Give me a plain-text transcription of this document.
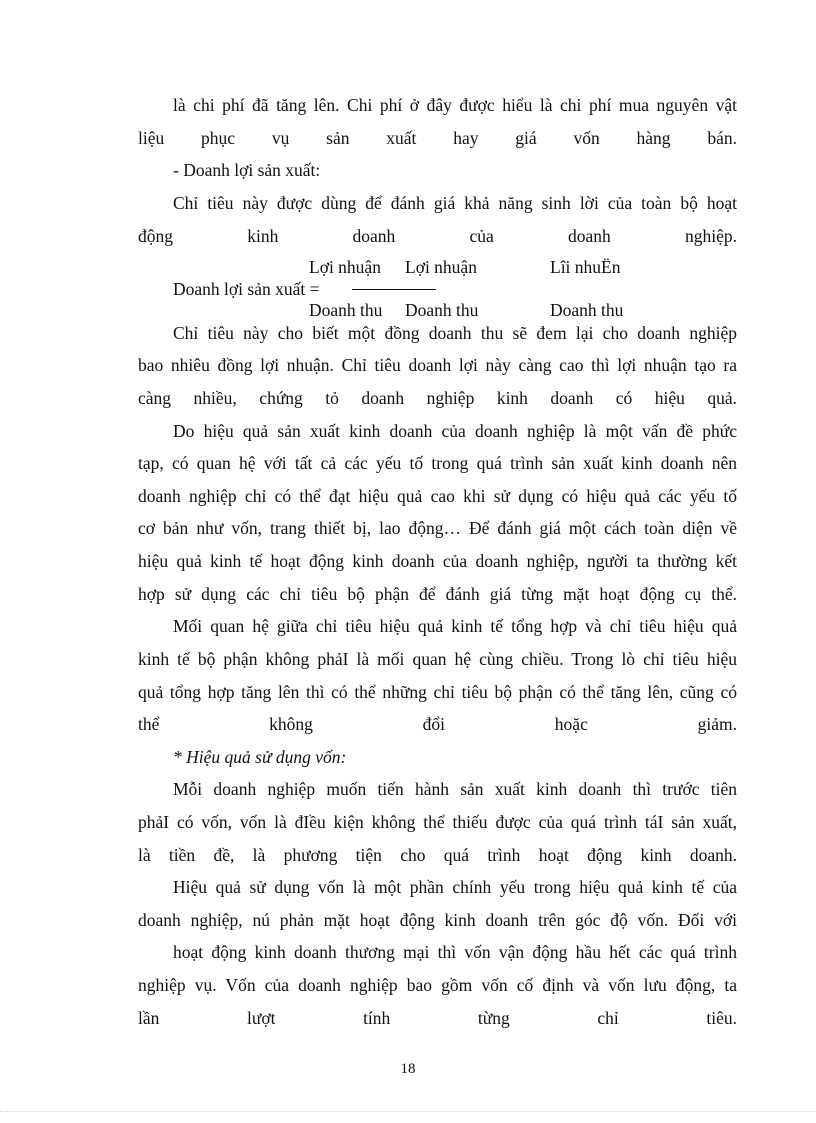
là chi phí đã tăng lên. Chi phí ở đây được hiểu là chi phí mua nguyên vật
liệu phục vụ sản xuất hay giá vốn hàng bán.
- Doanh lợi sản xuất:
Chỉ tiêu này được dùng để đánh giá khả năng sinh lời của toàn bộ hoạt
động kinh doanh của doanh nghiệp.
Lợi nhuận Lợi nhuận	Lîi nhuËn
Doanh lợi sản xuất =
Doanh thu Doanh thu	Doanh thu
Chỉ tiêu này cho biết một đồng doanh thu sẽ đem lại cho doanh nghiệp
bao nhiêu đồng lợi nhuận. Chỉ tiêu doanh lợi này càng cao thì lợi nhuận tạo ra
càng nhiều, chứng tỏ doanh nghiệp kinh doanh có hiệu quả.
Do hiệu quả sản xuất kinh doanh của doanh nghiệp là một vấn đề phức
tạp, có quan hệ với tất cả các yếu tố trong quá trình sản xuất kinh doanh nên
doanh nghiệp chỉ có thể đạt hiệu quả cao khi sử dụng có hiệu quả các yếu tố
cơ bản như vốn, trang thiết bị, lao động… Để đánh giá một cách toàn diện về
hiệu quả kinh tế hoạt động kinh doanh của doanh nghiệp, người ta thường kết
hợp sử dụng các chỉ tiêu bộ phận để đánh giá từng mặt hoạt động cụ thể.
Mối quan hệ giữa chỉ tiêu hiệu quả kinh tế tổng hợp và chỉ tiêu hiệu quả
kinh tế bộ phận không phảI là mối quan hệ cùng chiều. Trong lò chỉ tiêu hiệu
quả tổng hợp tăng lên thì có thể những chỉ tiêu bộ phận có thể tăng lên, cũng có
thể không đổi hoặc giảm.
* Hiệu quả sử dụng vốn:
Mỗi doanh nghiệp muốn tiến hành sản xuất kinh doanh thì trước tiên
phảI có vốn, vốn là đIều kiện không thể thiếu được của quá trình táI sản xuất,
là tiền đề, là phương tiện cho quá trình hoạt động kinh doanh.
Hiệu quả sử dụng vốn là một phần chính yếu trong hiệu quả kinh tế của
doanh nghiệp, nú phản mặt hoạt động kinh doanh trên góc độ vốn. Đối với
hoạt động kinh doanh thương mại thì vốn vận động hầu hết các quá trình
nghiệp vụ. Vốn của doanh nghiệp bao gồm vốn cố định và vốn lưu động, ta
lần lượt tính từng chỉ tiêu.
18
